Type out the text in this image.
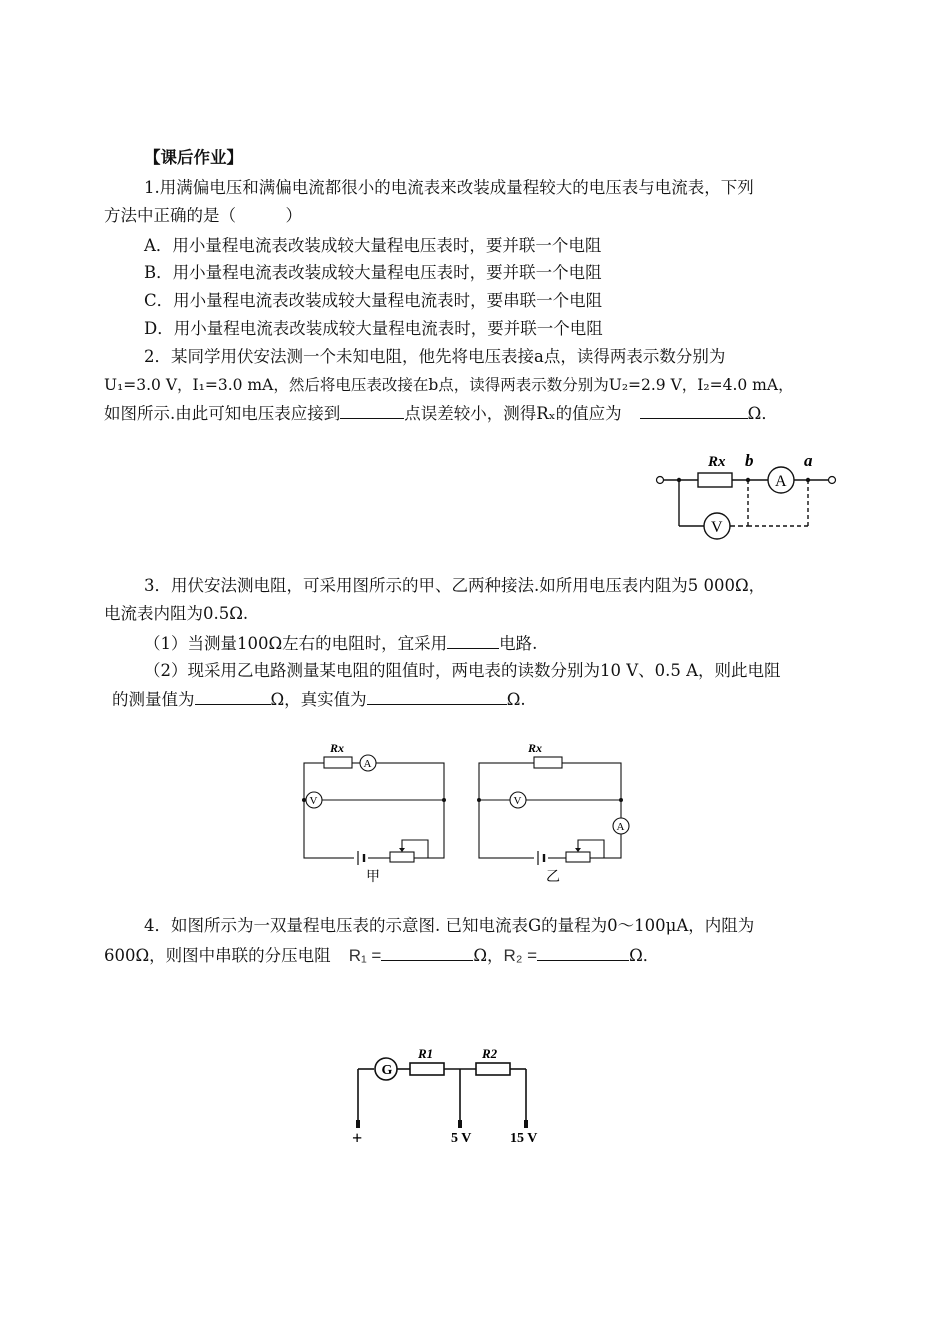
【课后作业】
1.用满偏电压和满偏电流都很小的电流表来改装成量程较大的电压表与电流表，下列
方法中正确的是（　　　）
A．用小量程电流表改装成较大量程电压表时，要并联一个电阻
B．用小量程电流表改装成较大量程电压表时，要并联一个电阻
C．用小量程电流表改装成较大量程电流表时，要串联一个电阻
D．用小量程电流表改装成较大量程电流表时，要并联一个电阻
2．某同学用伏安法测一个未知电阻，他先将电压表接a点，读得两表示数分别为
U₁=3.0 V，I₁=3.0 mA，然后将电压表改接在b点，读得两表示数分别为U₂=2.9 V，I₂=4.0 mA，
如图所示.由此可知电压表应接到	点误差较小，测得Rₓ的值应为	Ω．
Rx b	a
A
V
3．用伏安法测电阻，可采用图所示的甲、乙两种接法.如所用电压表内阻为5 000Ω，
电流表内阻为0.5Ω.
（1）当测量100Ω左右的电阻时，宜采用	电路.
（2）现采用乙电路测量某电阻的阻值时，两电表的读数分别为10 V、0.5 A，则此电阻
的测量值为	Ω，真实值为	Ω.
Rx
A
V
甲
Rx
V
A
乙
4．如图所示为一双量程电压表的示意图. 已知电流表G的量程为0～100μA，内阻为
600Ω，则图中串联的分压电阻 R₁ =	Ω，R₂ =	Ω．
G
R1	R2
+	5 V	15 V
